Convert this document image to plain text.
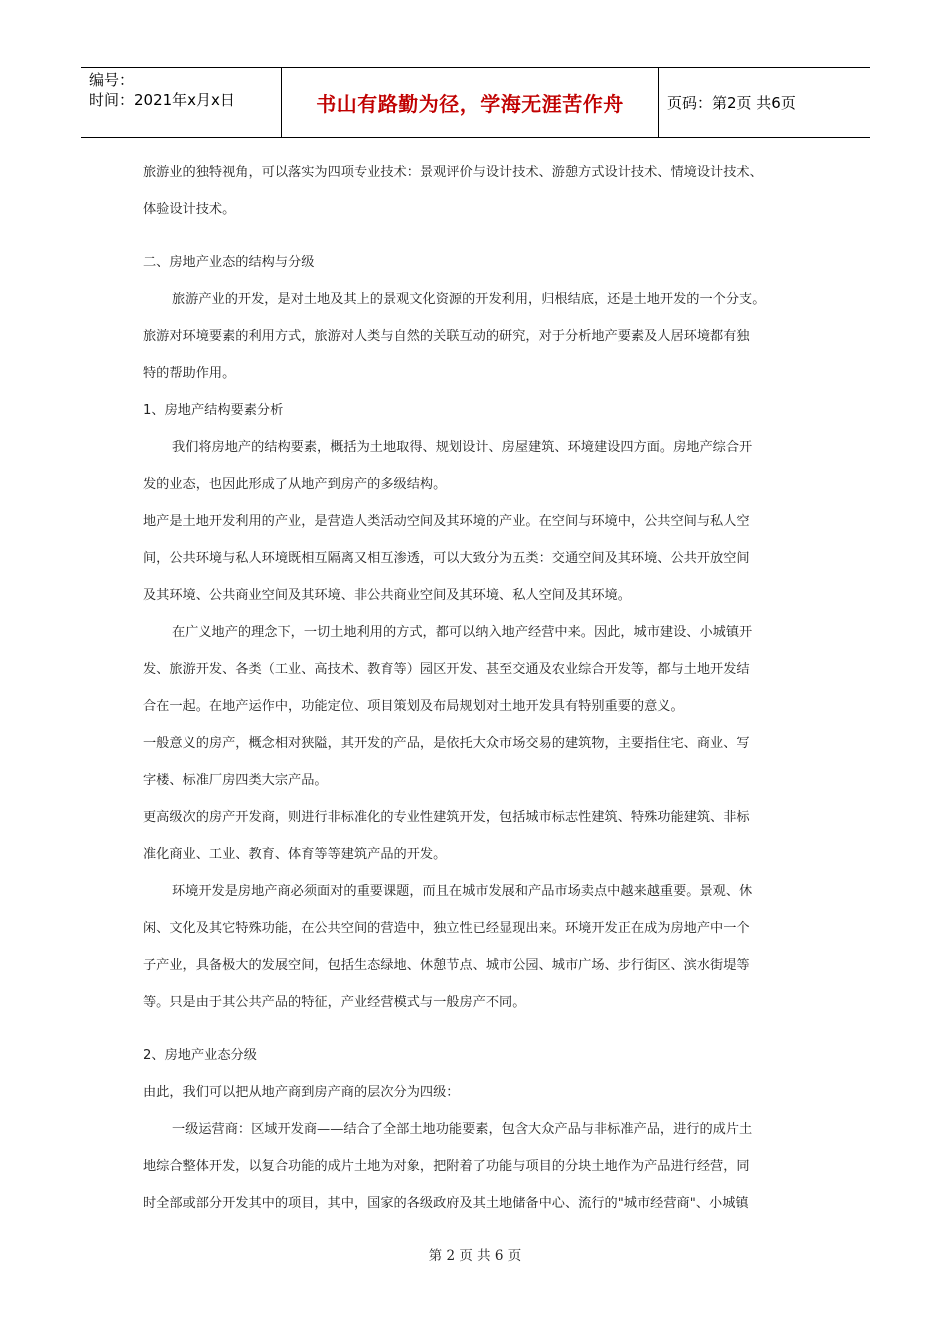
编号：
时间：2021年x月x日	书山有路勤为径，学海无涯苦作舟	页码：第2页 共6页
旅游业的独特视角，可以落实为四项专业技术：景观评价与设计技术、游憩方式设计技术、情境设计技术、
体验设计技术。
二、房地产业态的结构与分级
旅游产业的开发，是对土地及其上的景观文化资源的开发利用，归根结底，还是土地开发的一个分支。
旅游对环境要素的利用方式，旅游对人类与自然的关联互动的研究，对于分析地产要素及人居环境都有独
特的帮助作用。
1、房地产结构要素分析
我们将房地产的结构要素，概括为土地取得、规划设计、房屋建筑、环境建设四方面。房地产综合开
发的业态，也因此形成了从地产到房产的多级结构。
地产是土地开发利用的产业，是营造人类活动空间及其环境的产业。在空间与环境中，公共空间与私人空
间，公共环境与私人环境既相互隔离又相互渗透，可以大致分为五类：交通空间及其环境、公共开放空间
及其环境、公共商业空间及其环境、非公共商业空间及其环境、私人空间及其环境。
在广义地产的理念下，一切土地利用的方式，都可以纳入地产经营中来。因此，城市建设、小城镇开
发、旅游开发、各类（工业、高技术、教育等）园区开发、甚至交通及农业综合开发等，都与土地开发结
合在一起。在地产运作中，功能定位、项目策划及布局规划对土地开发具有特别重要的意义。
一般意义的房产，概念相对狭隘，其开发的产品，是依托大众市场交易的建筑物，主要指住宅、商业、写
字楼、标准厂房四类大宗产品。
更高级次的房产开发商，则进行非标准化的专业性建筑开发，包括城市标志性建筑、特殊功能建筑、非标
准化商业、工业、教育、体育等等建筑产品的开发。
环境开发是房地产商必须面对的重要课题，而且在城市发展和产品市场卖点中越来越重要。景观、休
闲、文化及其它特殊功能，在公共空间的营造中，独立性已经显现出来。环境开发正在成为房地产中一个
子产业，具备极大的发展空间，包括生态绿地、休憩节点、城市公园、城市广场、步行街区、滨水街堤等
等。只是由于其公共产品的特征，产业经营模式与一般房产不同。
2、房地产业态分级
由此，我们可以把从地产商到房产商的层次分为四级：
一级运营商：区域开发商——结合了全部土地功能要素，包含大众产品与非标准产品，进行的成片土
地综合整体开发，以复合功能的成片土地为对象，把附着了功能与项目的分块土地作为产品进行经营，同
时全部或部分开发其中的项目，其中，国家的各级政府及其土地储备中心、流行的"城市经营商"、小城镇
第 2 页 共 6 页
